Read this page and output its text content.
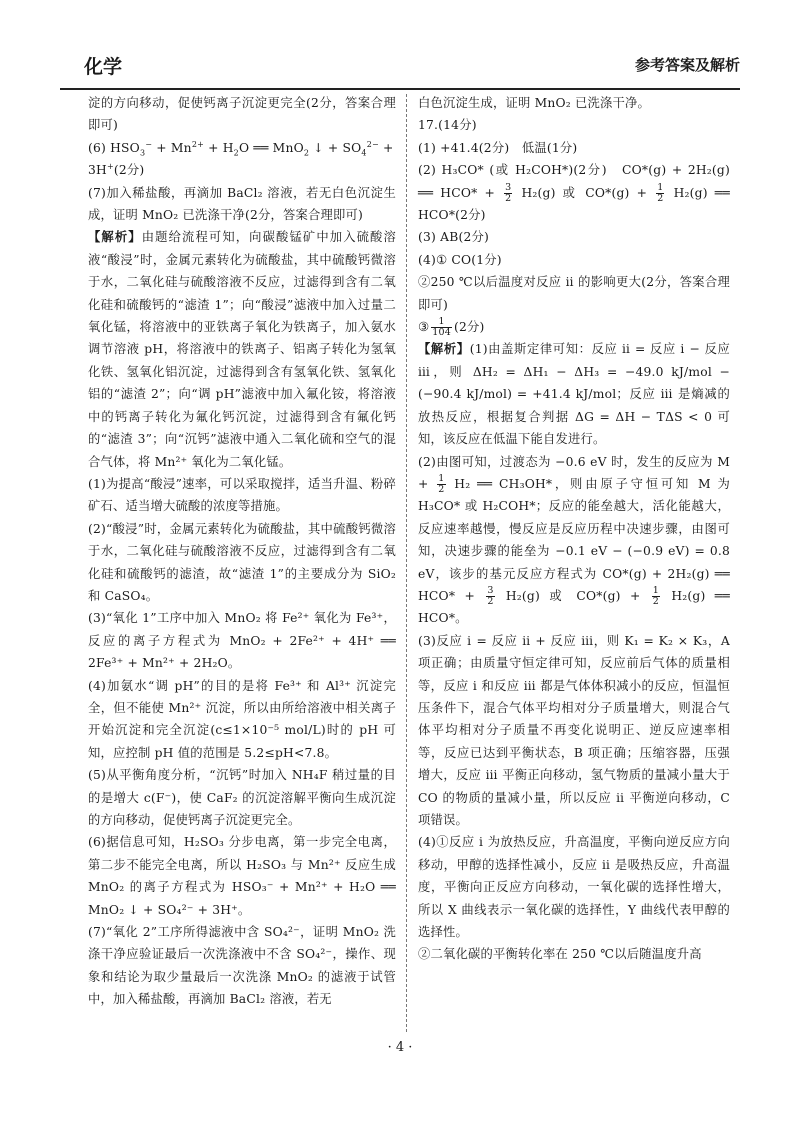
化学	参考答案及解析

淀的方向移动，促使钙离子沉淀更完全(2分，答案合理即可)

(6) $HSO_3^- + Mn^{2+} + H_2O$ ══ MnO$_2$ ↓ + $SO_4^{2-}$ +
3H+(2分)

(7)加入稀盐酸，再滴加 BaCl₂ 溶液，若无白色沉淀生成，证明 MnO₂ 已洗涤干净(2分，答案合理即可)

【解析】由题给流程可知，向碳酸锰矿中加入硫酸溶液“酸浸”时，金属元素转化为硫酸盐，其中硫酸钙微溶于水，二氧化硅与硫酸溶液不反应，过滤得到含有二氧化硅和硫酸钙的“滤渣 1”；向“酸浸”滤液中加入过量二氧化锰，将溶液中的亚铁离子氧化为铁离子，加入氨水调节溶液 pH，将溶液中的铁离子、铝离子转化为氢氧化铁、氢氧化铝沉淀，过滤得到含有氢氧化铁、氢氧化铝的“滤渣 2”；向“调 pH”滤液中加入氟化铵，将溶液中的钙离子转化为氟化钙沉淀，过滤得到含有氟化钙的“滤渣 3”；向“沉钙”滤液中通入二氧化硫和空气的混合气体，将 Mn²⁺ 氧化为二氧化锰。

(1)为提高“酸浸”速率，可以采取搅拌，适当升温、粉碎矿石、适当增大硫酸的浓度等措施。

(2)“酸浸”时，金属元素转化为硫酸盐，其中硫酸钙微溶于水，二氧化硅与硫酸溶液不反应，过滤得到含有二氧化硅和硫酸钙的滤渣，故“滤渣 1”的主要成分为 SiO₂ 和 CaSO₄。

(3)“氧化 1”工序中加入 MnO₂ 将 Fe²⁺ 氧化为 Fe³⁺，反应的离子方程式为 MnO₂ + 2Fe²⁺ + 4H⁺ ══ 2Fe³⁺ + Mn²⁺ + 2H₂O。

(4)加氨水“调 pH”的目的是将 Fe³⁺ 和 Al³⁺ 沉淀完全，但不能使 Mn²⁺ 沉淀，所以由所给溶液中相关离子开始沉淀和完全沉淀(c≤1×10⁻⁵ mol/L)时的 pH 可知，应控制 pH 值的范围是 5.2≤pH<7.8。

(5)从平衡角度分析，“沉钙”时加入 NH₄F 稍过量的目的是增大 c(F⁻)，使 CaF₂ 的沉淀溶解平衡向生成沉淀的方向移动，促使钙离子沉淀更完全。

(6)据信息可知，H₂SO₃ 分步电离，第一步完全电离，第二步不能完全电离，所以 H₂SO₃ 与 Mn²⁺ 反应生成 MnO₂ 的离子方程式为 HSO₃⁻ + Mn²⁺ + H₂O ══ MnO₂ ↓ + SO₄²⁻ + 3H⁺。

(7)“氧化 2”工序所得滤液中含 SO₄²⁻，证明 MnO₂ 洗涤干净应验证最后一次洗涤液中不含 SO₄²⁻，操作、现象和结论为取少量最后一次洗涤 MnO₂ 的滤液于试管中，加入稀盐酸，再滴加 BaCl₂ 溶液，若无

白色沉淀生成，证明 MnO₂ 已洗涤干净。

17.(14分)

(1) +41.4(2分)　低温(1分)

(2) H₃CO* (或 H₂COH*)(2分)　CO*(g) + 2H₂(g) ══ $HCO* + \frac{3}{2} H_2(g)$ 或 $CO*(g) + \frac{1}{2} H_2(g)$ ══ HCO*(2分)

(3) AB(2分)

(4)① CO(1分)

②250 ℃以后温度对反应 ⅱ 的影响更大(2分，答案合理即可)

③ $\frac{1}{104} (2$分)

【解析】(1)由盖斯定律可知：反应 ⅱ = 反应 ⅰ − 反应 ⅲ，则 ΔH₂ = ΔH₁ − ΔH₃ = −49.0 kJ/mol − (−90.4 kJ/mol) = +41.4 kJ/mol；反应 ⅲ 是熵减的放热反应，根据复合判据 ΔG = ΔH − TΔS < 0 可知，该反应在低温下能自发进行。

(2)由图可知，过渡态为 −0.6 eV 时，发生的反应为 $M + \frac{1}{2} H_2$ ══ CH₃OH*，则由原子守恒可知 M 为 H₃CO* 或 H₂COH*；反应的能垒越大，活化能越大，反应速率越慢，慢反应是反应历程中决速步骤，由图可知，决速步骤的能垒为 −0.1 eV − (−0.9 eV) = 0.8 eV，该步的基元反应方程式为 CO*(g) + 2H₂(g) ══ $HCO* + \frac{3}{2} H_2(g)$ 或 $CO*(g) + \frac{1}{2} H_2(g)$ ══ HCO*。

(3)反应 ⅰ = 反应 ⅱ + 反应 ⅲ，则 K₁ = K₂ × K₃，A 项正确；由质量守恒定律可知，反应前后气体的质量相等，反应 ⅰ 和反应 ⅲ 都是气体体积减小的反应，恒温恒压条件下，混合气体平均相对分子质量增大，则混合气体平均相对分子质量不再变化说明正、逆反应速率相等，反应已达到平衡状态，B 项正确；压缩容器，压强增大，反应 ⅲ 平衡正向移动，氢气物质的量减小量大于 CO 的物质的量减小量，所以反应 ⅱ 平衡逆向移动，C 项错误。

(4)①反应 ⅰ 为放热反应，升高温度，平衡向逆反应方向移动，甲醇的选择性减小，反应 ⅱ 是吸热反应，升高温度，平衡向正反应方向移动，一氧化碳的选择性增大，所以 X 曲线表示一氧化碳的选择性，Y 曲线代表甲醇的选择性。

②二氧化碳的平衡转化率在 250 ℃以后随温度升高

· 4 ·
